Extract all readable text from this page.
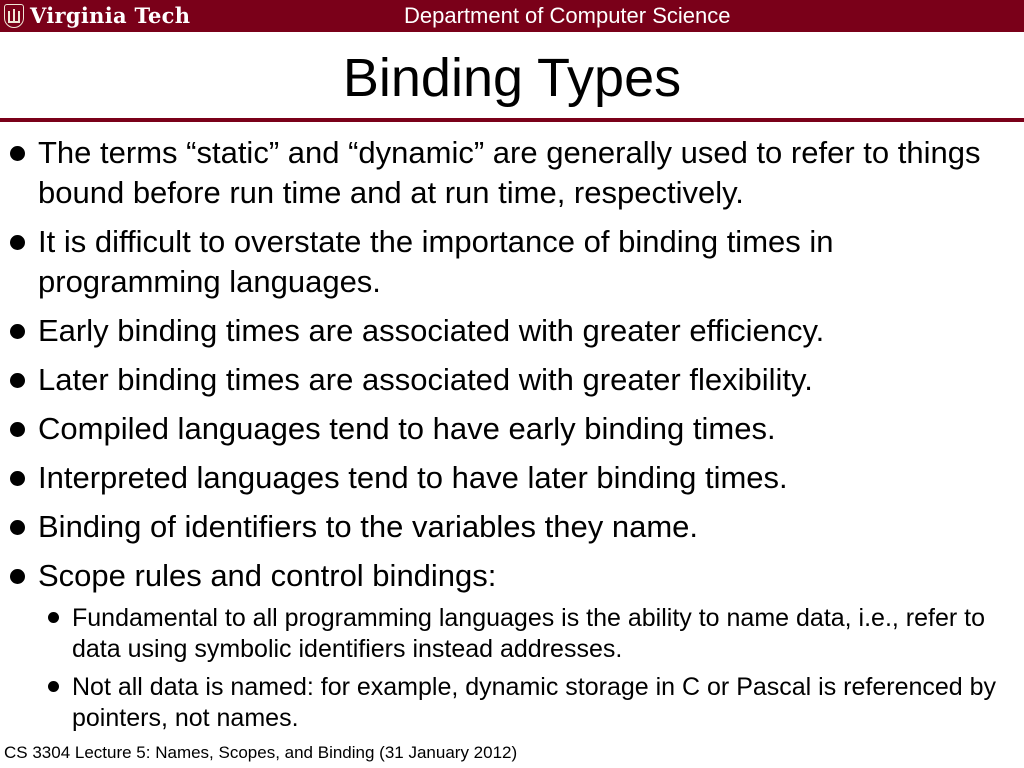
Virginia Tech	Department of Computer Science
Binding Types
The terms “static” and “dynamic” are generally used to refer to things bound before run time and at run time, respectively.
It is difficult to overstate the importance of binding times in programming languages.
Early binding times are associated with greater efficiency.
Later binding times are associated with greater flexibility.
Compiled languages tend to have early binding times.
Interpreted languages tend to have later binding times.
Binding of identifiers to the variables they name.
Scope rules and control bindings:
Fundamental to all programming languages is the ability to name data, i.e., refer to data using symbolic identifiers instead addresses.
Not all data is named: for example, dynamic storage in C or Pascal is referenced by pointers, not names.
CS 3304 Lecture 5: Names, Scopes, and Binding (31 January 2012)
